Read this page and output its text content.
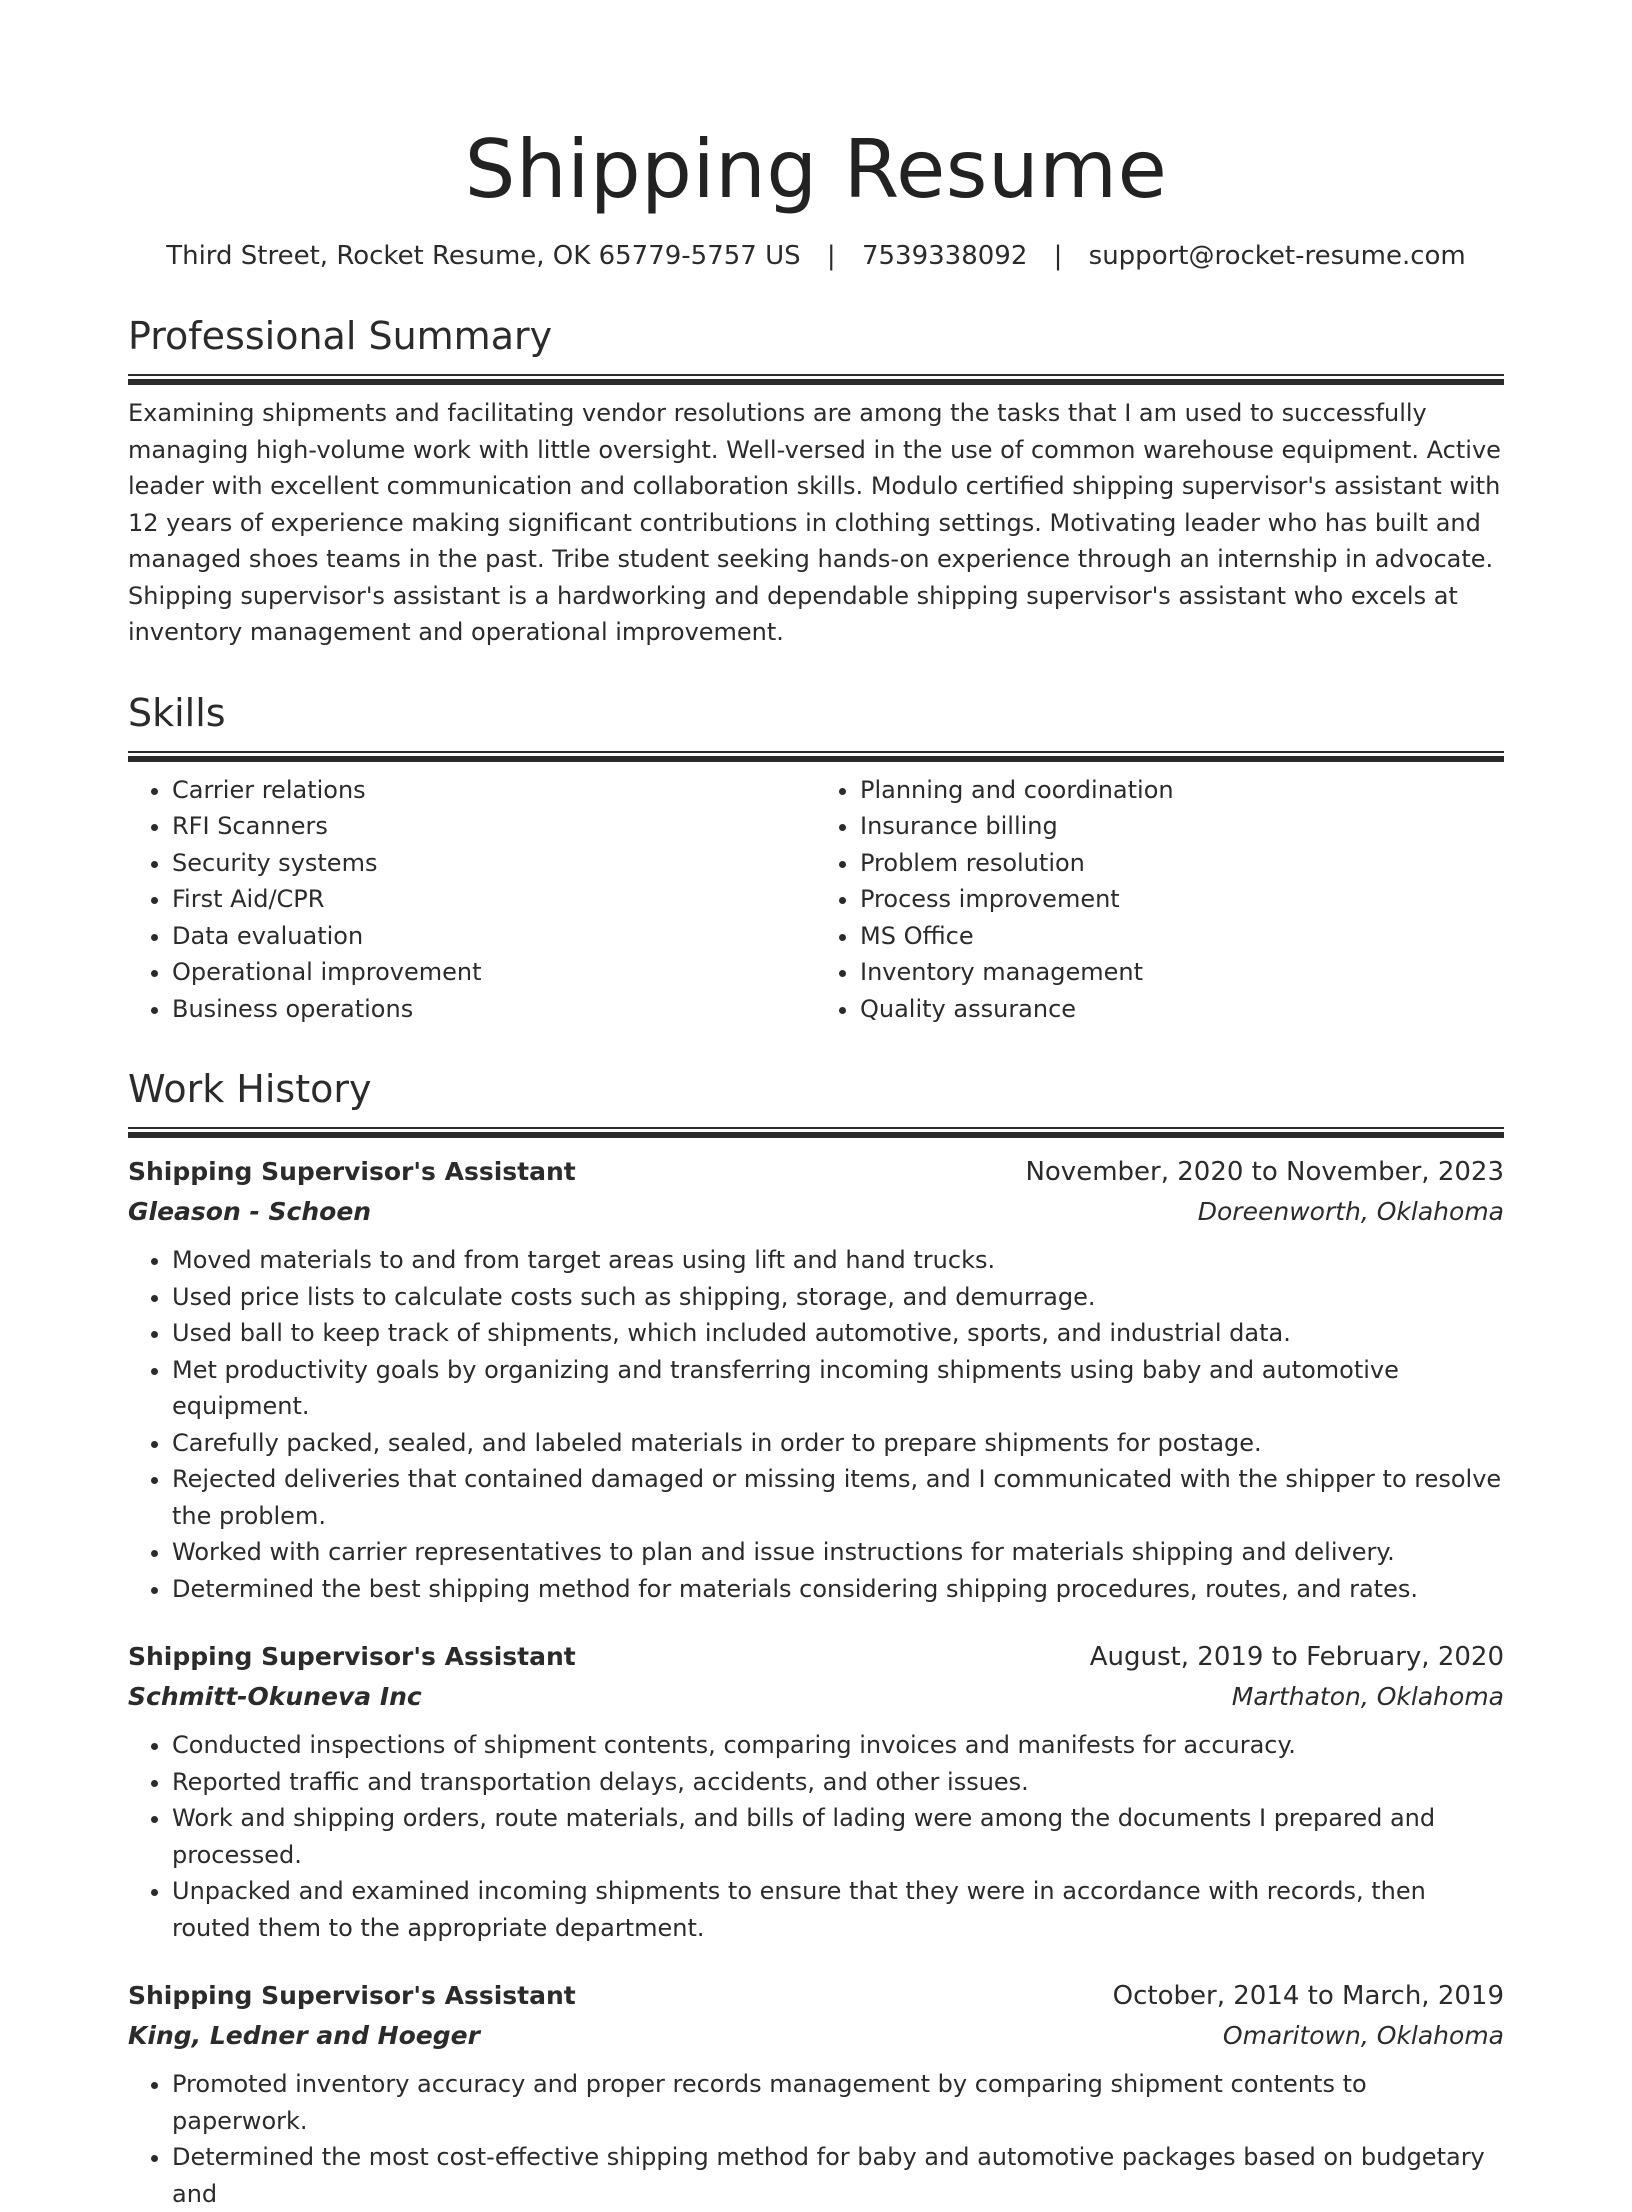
Shipping Resume
Third Street, Rocket Resume, OK 65779-5757 US | 7539338092 | support@rocket-resume.com
Professional Summary

Examining shipments and facilitating vendor resolutions are among the tasks that I am used to successfully managing high-volume work with little oversight. Well-versed in the use of common warehouse equipment. Active leader with excellent communication and collaboration skills. Modulo certified shipping supervisor's assistant with 12 years of experience making significant contributions in clothing settings. Motivating leader who has built and managed shoes teams in the past. Tribe student seeking hands-on experience through an internship in advocate. Shipping supervisor's assistant is a hardworking and dependable shipping supervisor's assistant who excels at inventory management and operational improvement.

Skills
• Carrier relations
• RFI Scanners
• Security systems
• First Aid/CPR
• Data evaluation
• Operational improvement
• Business operations
• Planning and coordination
• Insurance billing
• Problem resolution
• Process improvement
• MS Office
• Inventory management
• Quality assurance
Work History
Shipping Supervisor's Assistant	November, 2020 to November, 2023
Gleason - Schoen	Doreenworth, Oklahoma
• Moved materials to and from target areas using lift and hand trucks.
• Used price lists to calculate costs such as shipping, storage, and demurrage.
• Used ball to keep track of shipments, which included automotive, sports, and industrial data.
• Met productivity goals by organizing and transferring incoming shipments using baby and automotive equipment.
• Carefully packed, sealed, and labeled materials in order to prepare shipments for postage.
• Rejected deliveries that contained damaged or missing items, and I communicated with the shipper to resolve the problem.
• Worked with carrier representatives to plan and issue instructions for materials shipping and delivery.
• Determined the best shipping method for materials considering shipping procedures, routes, and rates.
Shipping Supervisor's Assistant	August, 2019 to February, 2020
Schmitt-Okuneva Inc	Marthaton, Oklahoma
• Conducted inspections of shipment contents, comparing invoices and manifests for accuracy.
• Reported traffic and transportation delays, accidents, and other issues.
• Work and shipping orders, route materials, and bills of lading were among the documents I prepared and processed.
• Unpacked and examined incoming shipments to ensure that they were in accordance with records, then routed them to the appropriate department.
Shipping Supervisor's Assistant	October, 2014 to March, 2019
King, Ledner and Hoeger	Omaritown, Oklahoma
• Promoted inventory accuracy and proper records management by comparing shipment contents to paperwork.
• Determined the most cost-effective shipping method for baby and automotive packages based on budgetary and
